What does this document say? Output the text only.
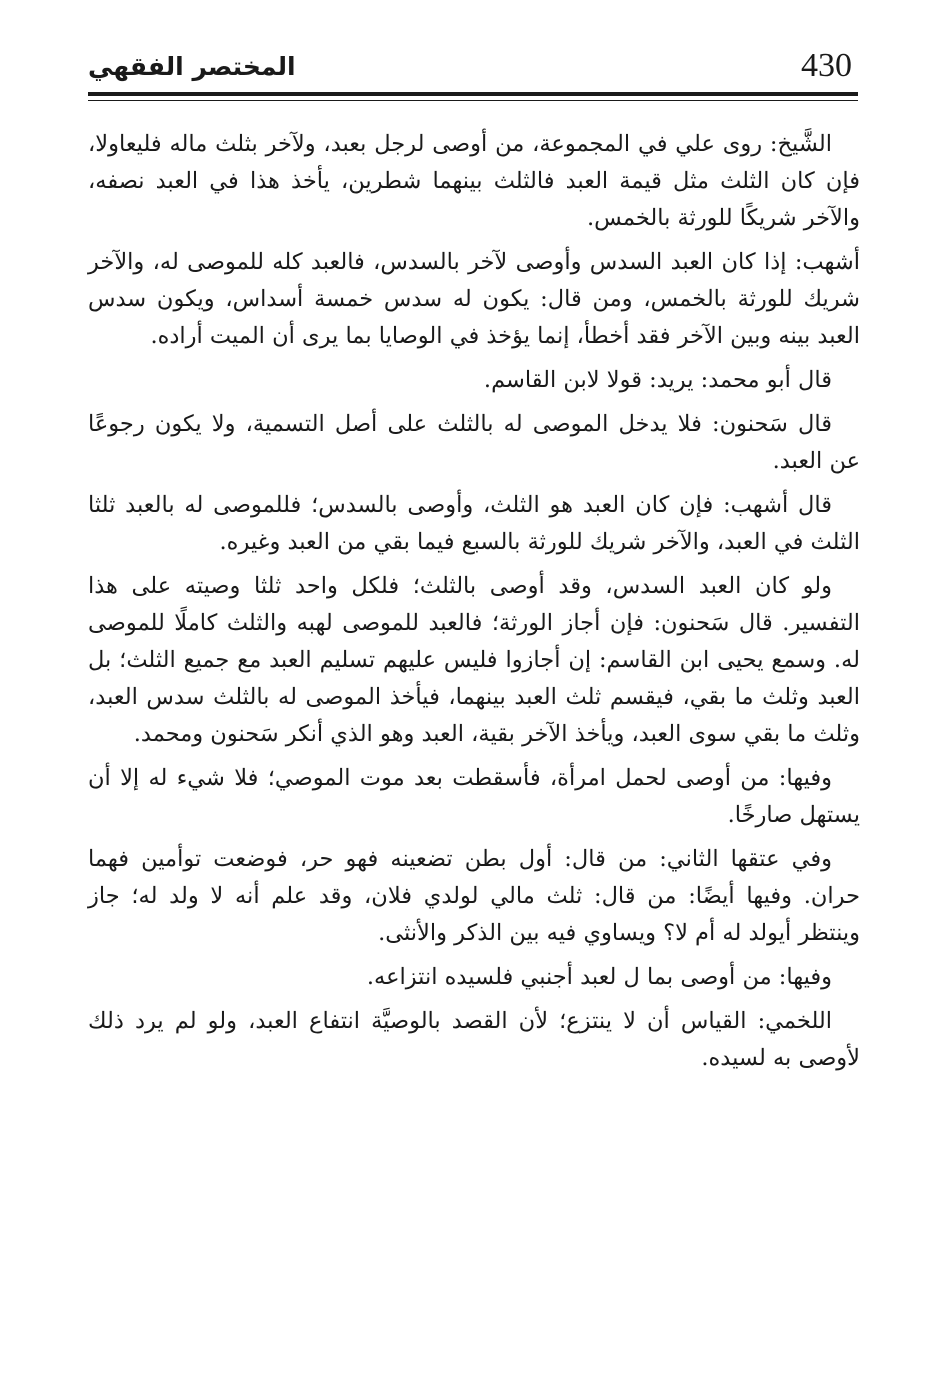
المختصر الفقهي	430

الشَّيخ: روى علي في المجموعة، من أوصى لرجل بعبد، ولآخر بثلث ماله فليعاولا، فإن كان الثلث مثل قيمة العبد فالثلث بينهما شطرين، يأخذ هذا في العبد نصفه، والآخر شريكًا للورثة بالخمس.

أشهب: إذا كان العبد السدس وأوصى لآخر بالسدس، فالعبد كله للموصى له، والآخر شريك للورثة بالخمس، ومن قال: يكون له سدس خمسة أسداس، ويكون سدس العبد بينه وبين الآخر فقد أخطأ، إنما يؤخذ في الوصايا بما يرى أن الميت أراده.

قال أبو محمد: يريد: قولا لابن القاسم.

قال سَحنون: فلا يدخل الموصى له بالثلث على أصل التسمية، ولا يكون رجوعًا عن العبد.

قال أشهب: فإن كان العبد هو الثلث، وأوصى بالسدس؛ فللموصى له بالعبد ثلثا الثلث في العبد، والآخر شريك للورثة بالسبع فيما بقي من العبد وغيره.

ولو كان العبد السدس، وقد أوصى بالثلث؛ فلكل واحد ثلثا وصيته على هذا التفسير. قال سَحنون: فإن أجاز الورثة؛ فالعبد للموصى لهبه والثلث كاملًا للموصى له. وسمع يحيى ابن القاسم: إن أجازوا فليس عليهم تسليم العبد مع جميع الثلث؛ بل العبد وثلث ما بقي، فيقسم ثلث العبد بينهما، فيأخذ الموصى له بالثلث سدس العبد، وثلث ما بقي سوى العبد، ويأخذ الآخر بقية، العبد وهو الذي أنكر سَحنون ومحمد.

وفيها: من أوصى لحمل امرأة، فأسقطت بعد موت الموصي؛ فلا شيء له إلا أن يستهل صارخًا.

وفي عتقها الثاني: من قال: أول بطن تضعينه فهو حر، فوضعت توأمين فهما حران. وفيها أيضًا: من قال: ثلث مالي لولدي فلان، وقد علم أنه لا ولد له؛ جاز وينتظر أيولد له أم لا؟ ويساوي فيه بين الذكر والأنثى.

وفيها: من أوصى بما ل لعبد أجنبي فلسيده انتزاعه.

اللخمي: القياس أن لا ينتزع؛ لأن القصد بالوصيَّة انتفاع العبد، ولو لم يرد ذلك لأوصى به لسيده.
